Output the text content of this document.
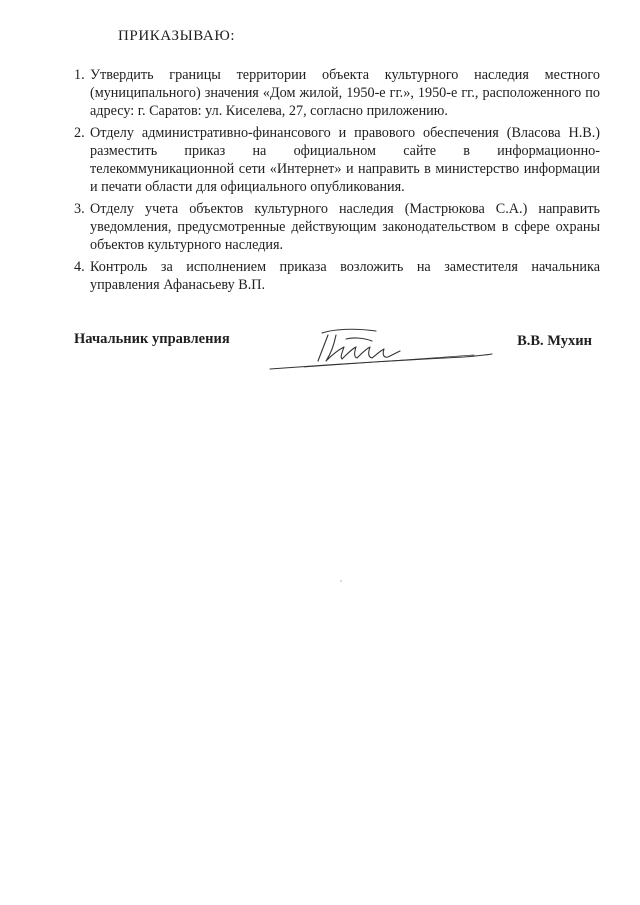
ПРИКАЗЫВАЮ:
1. Утвердить границы территории объекта культурного наследия местного (муниципального) значения «Дом жилой, 1950-е гг.», 1950-е гг., расположенного по адресу: г. Саратов: ул. Киселева, 27, согласно приложению.
2. Отделу административно-финансового и правового обеспечения (Власова Н.В.) разместить приказ на официальном сайте в информационно-телекоммуникационной сети «Интернет» и направить в министерство информации и печати области для официального опубликования.
3. Отделу учета объектов культурного наследия (Мастрюкова С.А.) направить уведомления, предусмотренные действующим законодательством в сфере охраны объектов культурного наследия.
4. Контроль за исполнением приказа возложить на заместителя начальника управления Афанасьеву В.П.
Начальник управления	В.В. Мухин
